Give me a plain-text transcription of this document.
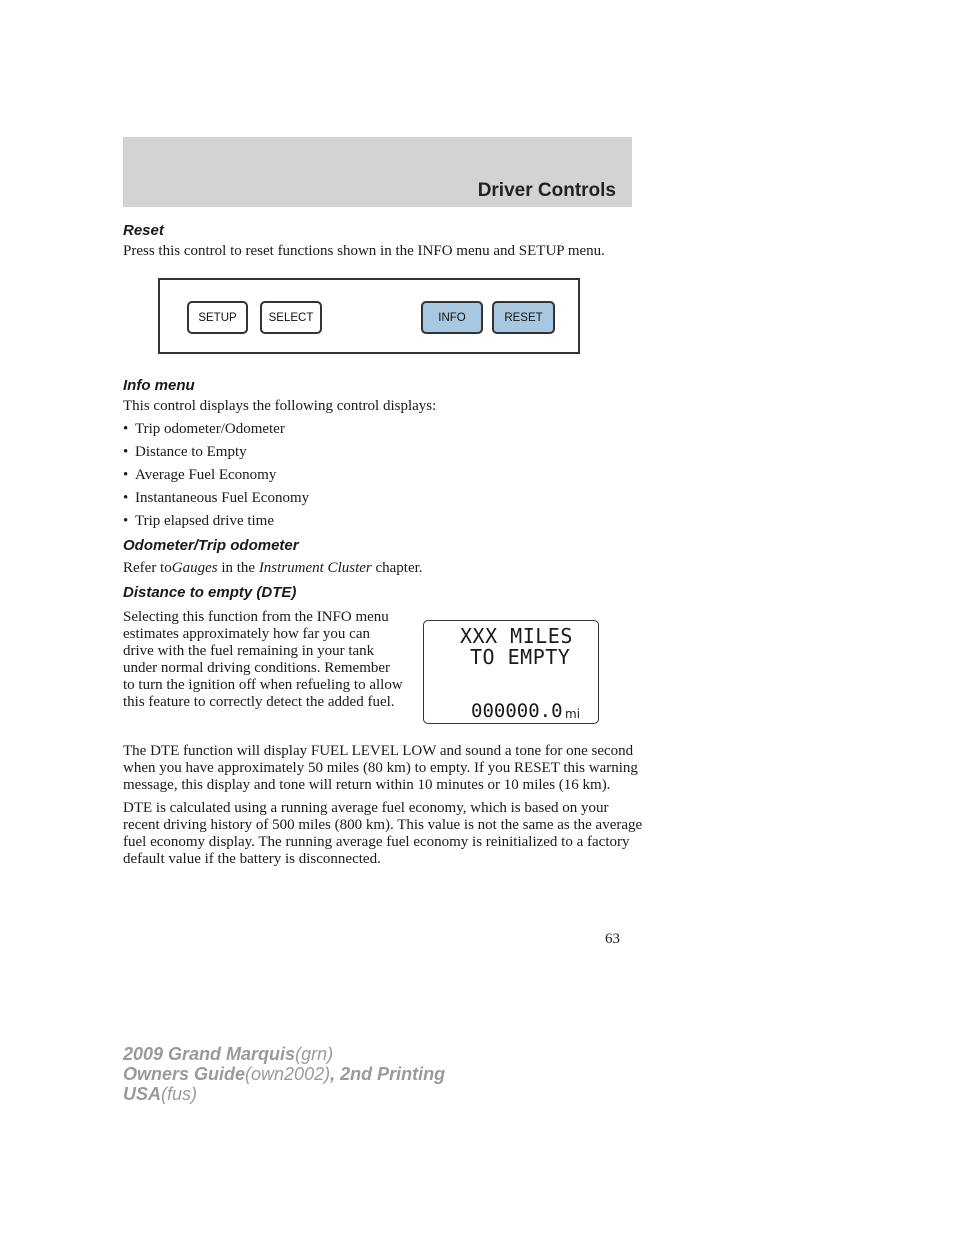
Driver Controls
Reset
Press this control to reset functions shown in the INFO menu and SETUP menu.
SETUP	SELECT	INFO	RESET
Info menu
This control displays the following control displays:
• Trip odometer/Odometer
• Distance to Empty
• Average Fuel Economy
• Instantaneous Fuel Economy
• Trip elapsed drive time
Odometer/Trip odometer
Refer toGauges in the Instrument Cluster chapter.
Distance to empty (DTE)
Selecting this function from the INFO menu estimates approximately how far you can drive with the fuel remaining in your tank under normal driving conditions. Remember to turn the ignition off when refueling to allow this feature to correctly detect the added fuel.
XXX MILES
TO EMPTY
000000.0 mi
The DTE function will display FUEL LEVEL LOW and sound a tone for one second when you have approximately 50 miles (80 km) to empty. If you RESET this warning message, this display and tone will return within 10 minutes or 10 miles (16 km).
DTE is calculated using a running average fuel economy, which is based on your recent driving history of 500 miles (800 km). This value is not the same as the average fuel economy display. The running average fuel economy is reinitialized to a factory default value if the battery is disconnected.
63
2009 Grand Marquis(grn)
Owners Guide(own2002), 2nd Printing
USA(fus)
